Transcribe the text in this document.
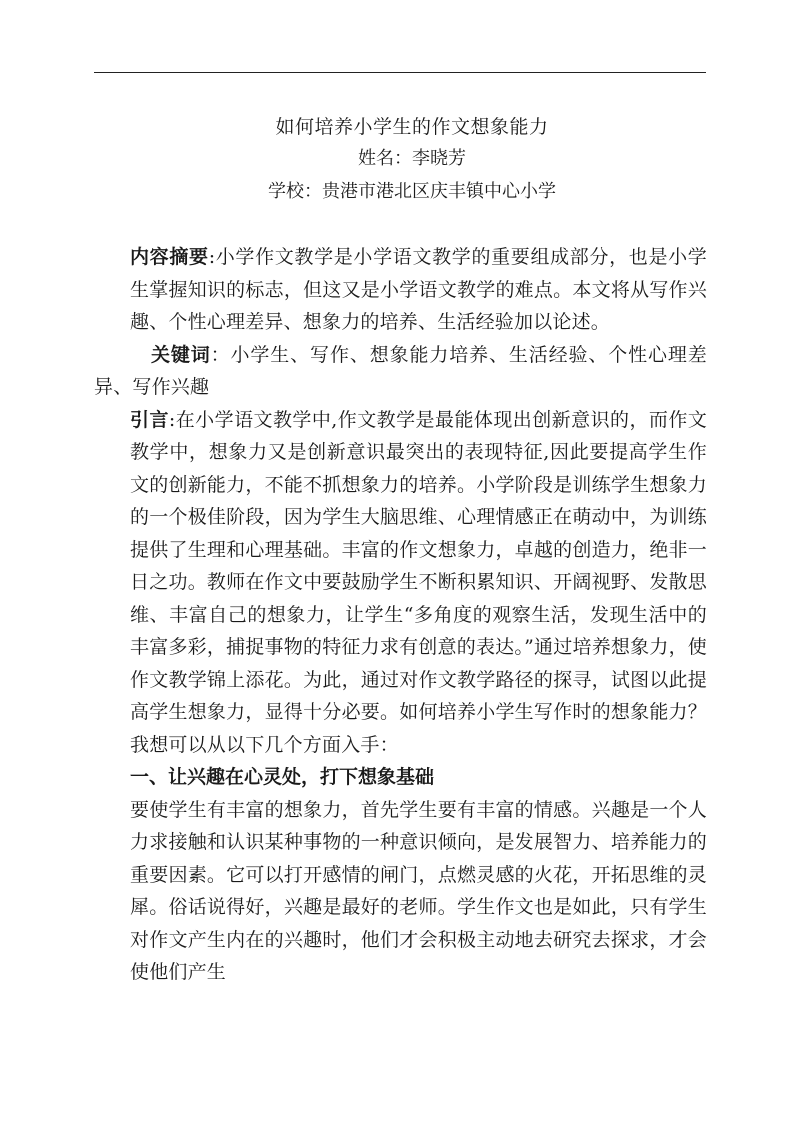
如何培养小学生的作文想象能力

姓名：李晓芳

学校：贵港市港北区庆丰镇中心小学

内容摘要:小学作文教学是小学语文教学的重要组成部分，也是小学生掌握知识的标志，但这又是小学语文教学的难点。本文将从写作兴趣、个性心理差异、想象力的培养、生活经验加以论述。

关键词：小学生、写作、想象能力培养、生活经验、个性心理差异、写作兴趣

引言:在小学语文教学中,作文教学是最能体现出创新意识的，而作文教学中，想象力又是创新意识最突出的表现特征,因此要提高学生作文的创新能力，不能不抓想象力的培养。小学阶段是训练学生想象力的一个极佳阶段，因为学生大脑思维、心理情感正在萌动中，为训练提供了生理和心理基础。丰富的作文想象力，卓越的创造力，绝非一日之功。教师在作文中要鼓励学生不断积累知识、开阔视野、发散思维、丰富自己的想象力，让学生“多角度的观察生活，发现生活中的丰富多彩，捕捉事物的特征力求有创意的表达。”通过培养想象力，使作文教学锦上添花。为此，通过对作文教学路径的探寻，试图以此提高学生想象力，显得十分必要。如何培养小学生写作时的想象能力？我想可以从以下几个方面入手：

一、让兴趣在心灵处，打下想象基础

要使学生有丰富的想象力，首先学生要有丰富的情感。兴趣是一个人力求接触和认识某种事物的一种意识倾向，是发展智力、培养能力的重要因素。它可以打开感情的闸门，点燃灵感的火花，开拓思维的灵犀。俗话说得好，兴趣是最好的老师。学生作文也是如此，只有学生对作文产生内在的兴趣时，他们才会积极主动地去研究去探求，才会使他们产生
